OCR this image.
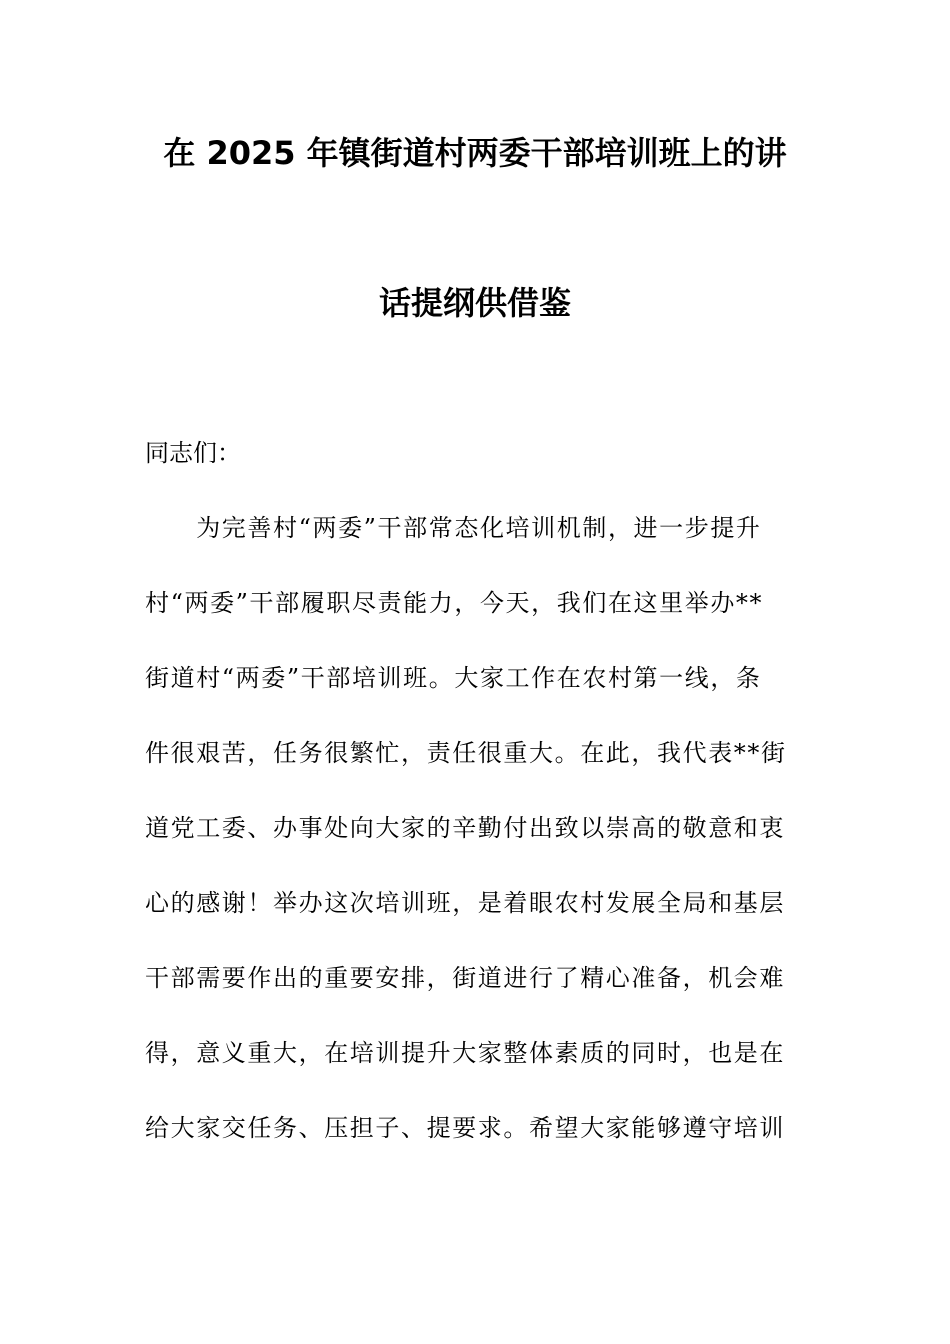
在 2025 年镇街道村两委干部培训班上的讲
话提纲供借鉴
同志们：
　　为完善村“两委”干部常态化培训机制，进一步提升
村“两委”干部履职尽责能力，今天，我们在这里举办**
街道村“两委”干部培训班。大家工作在农村第一线，条
件很艰苦，任务很繁忙，责任很重大。在此，我代表**街
道党工委、办事处向大家的辛勤付出致以崇高的敬意和衷
心的感谢！举办这次培训班，是着眼农村发展全局和基层
干部需要作出的重要安排，街道进行了精心准备，机会难
得，意义重大，在培训提升大家整体素质的同时，也是在
给大家交任务、压担子、提要求。希望大家能够遵守培训
